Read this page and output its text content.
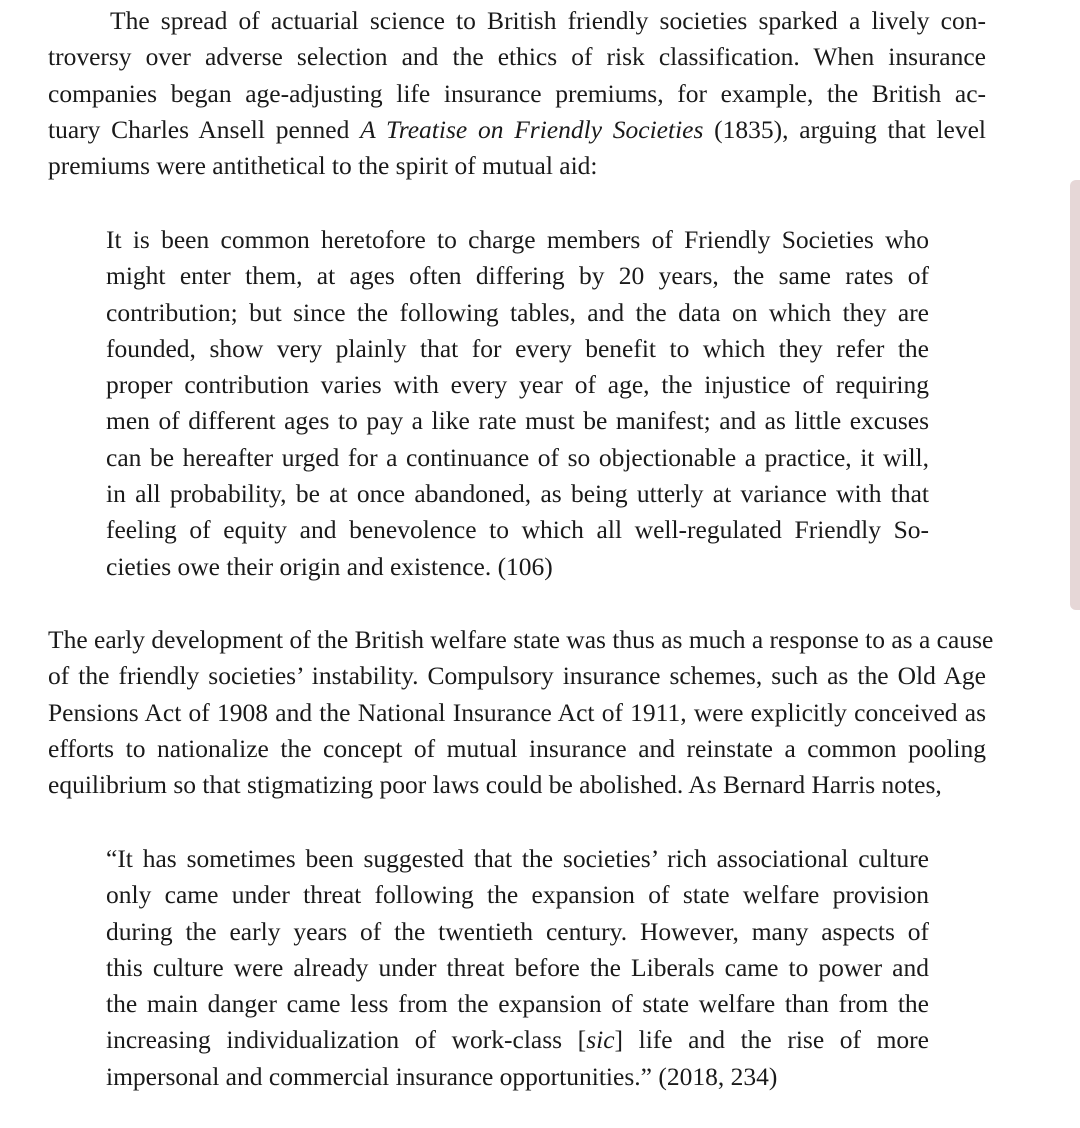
The spread of actuarial science to British friendly societies sparked a lively con-
troversy over adverse selection and the ethics of risk classification. When insurance
companies began age-adjusting life insurance premiums, for example, the British ac-
tuary Charles Ansell penned A Treatise on Friendly Societies (1835), arguing that level
premiums were antithetical to the spirit of mutual aid:

It is been common heretofore to charge members of Friendly Societies who
might enter them, at ages often differing by 20 years, the same rates of
contribution; but since the following tables, and the data on which they are
founded, show very plainly that for every benefit to which they refer the
proper contribution varies with every year of age, the injustice of requiring
men of different ages to pay a like rate must be manifest; and as little excuses
can be hereafter urged for a continuance of so objectionable a practice, it will,
in all probability, be at once abandoned, as being utterly at variance with that
feeling of equity and benevolence to which all well-regulated Friendly So-
cieties owe their origin and existence. (106)

The early development of the British welfare state was thus as much a response to as a cause
of the friendly societies’ instability. Compulsory insurance schemes, such as the Old Age
Pensions Act of 1908 and the National Insurance Act of 1911, were explicitly conceived as
efforts to nationalize the concept of mutual insurance and reinstate a common pooling
equilibrium so that stigmatizing poor laws could be abolished. As Bernard Harris notes,

“It has sometimes been suggested that the societies’ rich associational culture
only came under threat following the expansion of state welfare provision
during the early years of the twentieth century. However, many aspects of
this culture were already under threat before the Liberals came to power and
the main danger came less from the expansion of state welfare than from the
increasing individualization of work-class [sic] life and the rise of more
impersonal and commercial insurance opportunities.” (2018, 234)
